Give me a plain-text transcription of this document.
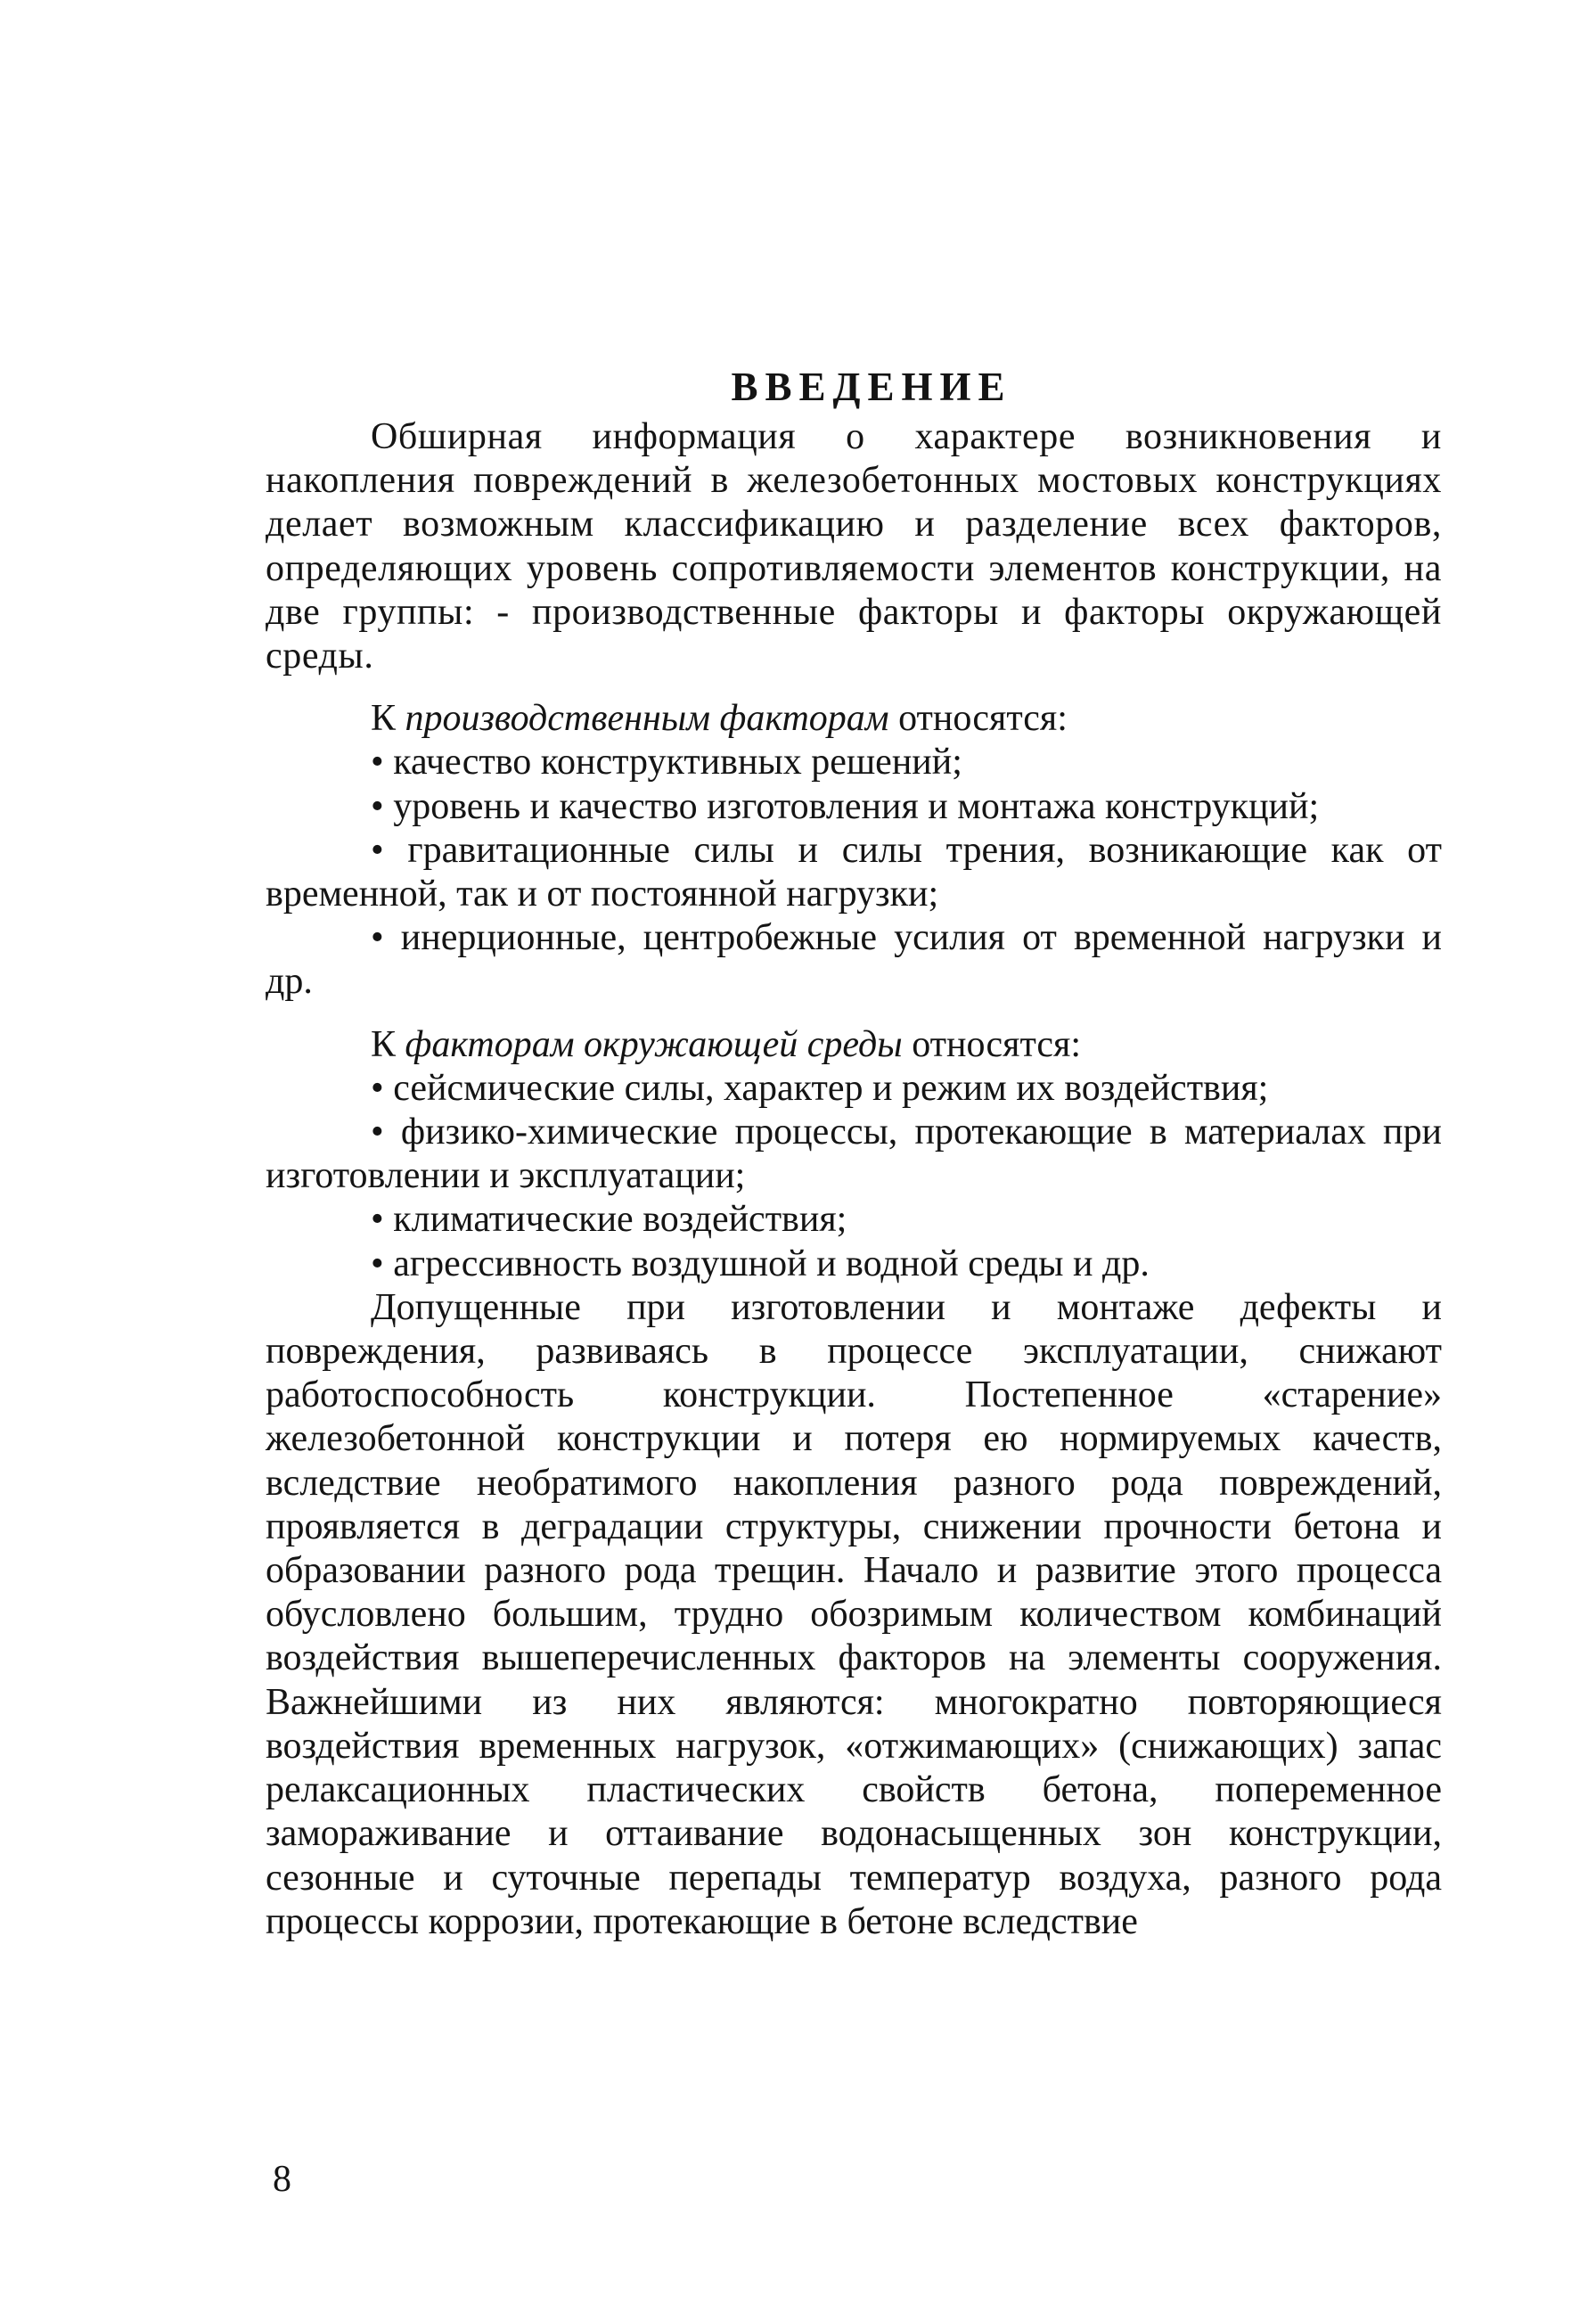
ВВЕДЕНИЕ

Обширная информация о характере возникновения и накопления повреждений в железобетонных мостовых конструкциях делает возможным классификацию и разделение всех факторов, определяющих уровень сопротивляемости элементов конструкции, на две группы: - производственные факторы и факторы окружающей среды.

К производственным факторам относятся:

• качество конструктивных решений;

• уровень и качество изготовления и монтажа конструкций;

• гравитационные силы и силы трения, возникающие как от временной, так и от постоянной нагрузки;

• инерционные, центробежные усилия от временной нагрузки и др.

К факторам окружающей среды относятся:

• сейсмические силы, характер и режим их воздействия;

• физико-химические процессы, протекающие в материалах при изготовлении и эксплуатации;

• климатические воздействия;

• агрессивность воздушной и водной среды и др.

Допущенные при изготовлении и монтаже дефекты и повреждения, развиваясь в процессе эксплуатации, снижают работоспособность конструкции. Постепенное «старение» железобетонной конструкции и потеря ею нормируемых качеств, вследствие необратимого накопления разного рода повреждений, проявляется в деградации структуры, снижении прочности бетона и образовании разного рода трещин. Начало и развитие этого процесса обусловлено большим, трудно обозримым количеством комбинаций воздействия вышеперечисленных факторов на элементы сооружения. Важнейшими из них являются: многократно повторяющиеся воздействия временных нагрузок, «отжимающих» (снижающих) запас релаксационных пластических свойств бетона, попеременное замораживание и оттаивание водонасыщенных зон конструкции, сезонные и суточные перепады температур воздуха, разного рода процессы коррозии, протекающие в бетоне вследствие

8
